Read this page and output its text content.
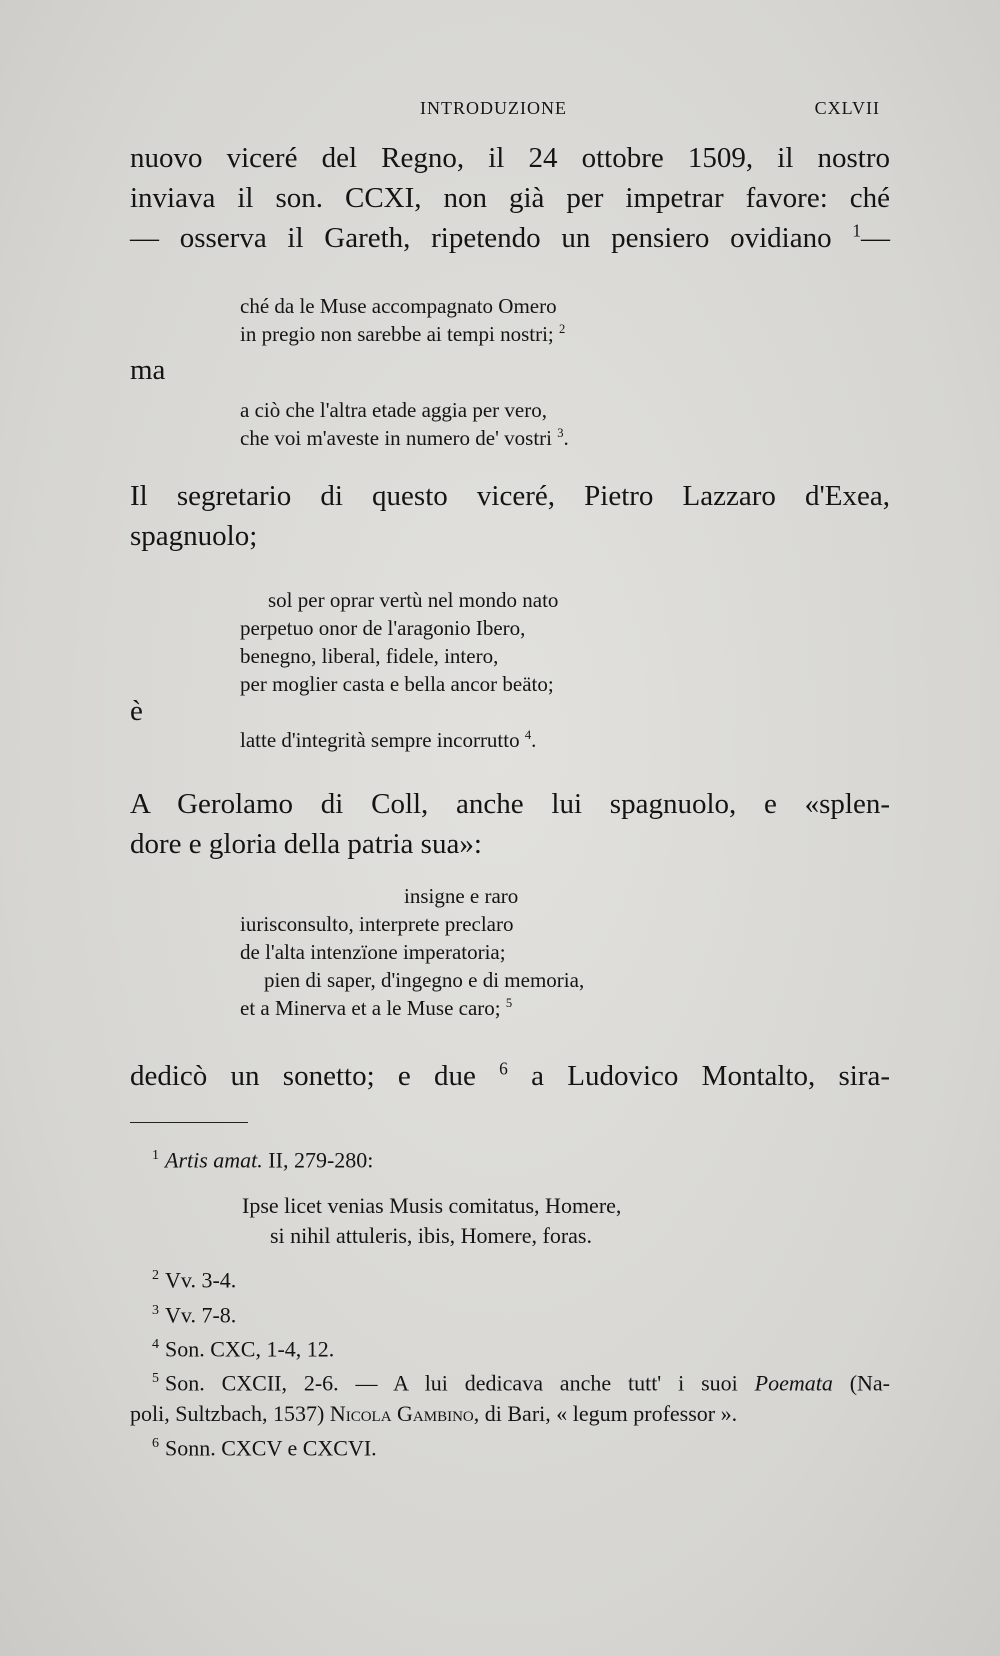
INTRODUZIONE	CXLVII

nuovo viceré del Regno, il 24 ottobre 1509, il nostro
inviava il son. CCXI, non già per impetrar favore: ché
— osserva il Gareth, ripetendo un pensiero ovidiano $^1$—

ché da le Muse accompagnato Omero
in pregio non sarebbe ai tempi nostri; $^2$
ma
a ciò che l'altra etade aggia per vero,
che voi m'aveste in numero de' vostri $^3$.

Il segretario di questo viceré, Pietro Lazzaro d'Exea,
spagnuolo;

sol per oprar vertù nel mondo nato
perpetuo onor de l'aragonio Ibero,
benegno, liberal, fidele, intero,
per moglier casta e bella ancor beäto;
è
latte d'integrità sempre incorrutto $^4$.

A Gerolamo di Coll, anche lui spagnuolo, e «splen-
dore e gloria della patria sua»:

insigne e raro
iurisconsulto, interprete preclaro
de l'alta intenzïone imperatoria;
pien di saper, d'ingegno e di memoria,
et a Minerva et a le Muse caro; $^5$

dedicò un sonetto; e due $^6$ a Ludovico Montalto, sira-

$^1$ Artis amat. II, 279-280:
Ipse licet venias Musis comitatus, Homere,
si nihil attuleris, ibis, Homere, foras.
$^2$ Vv. 3-4.
$^3$ Vv. 7-8.
$^4$ Son. CXC, 1-4, 12.
$^5$ Son. CXCII, 2-6. — A lui dedicava anche tutt' i suoi Poemata (Na-
poli, Sultzbach, 1537) Nicola Gambino, di Bari, « legum professor ».
$^6$ Sonn. CXCV e CXCVI.
